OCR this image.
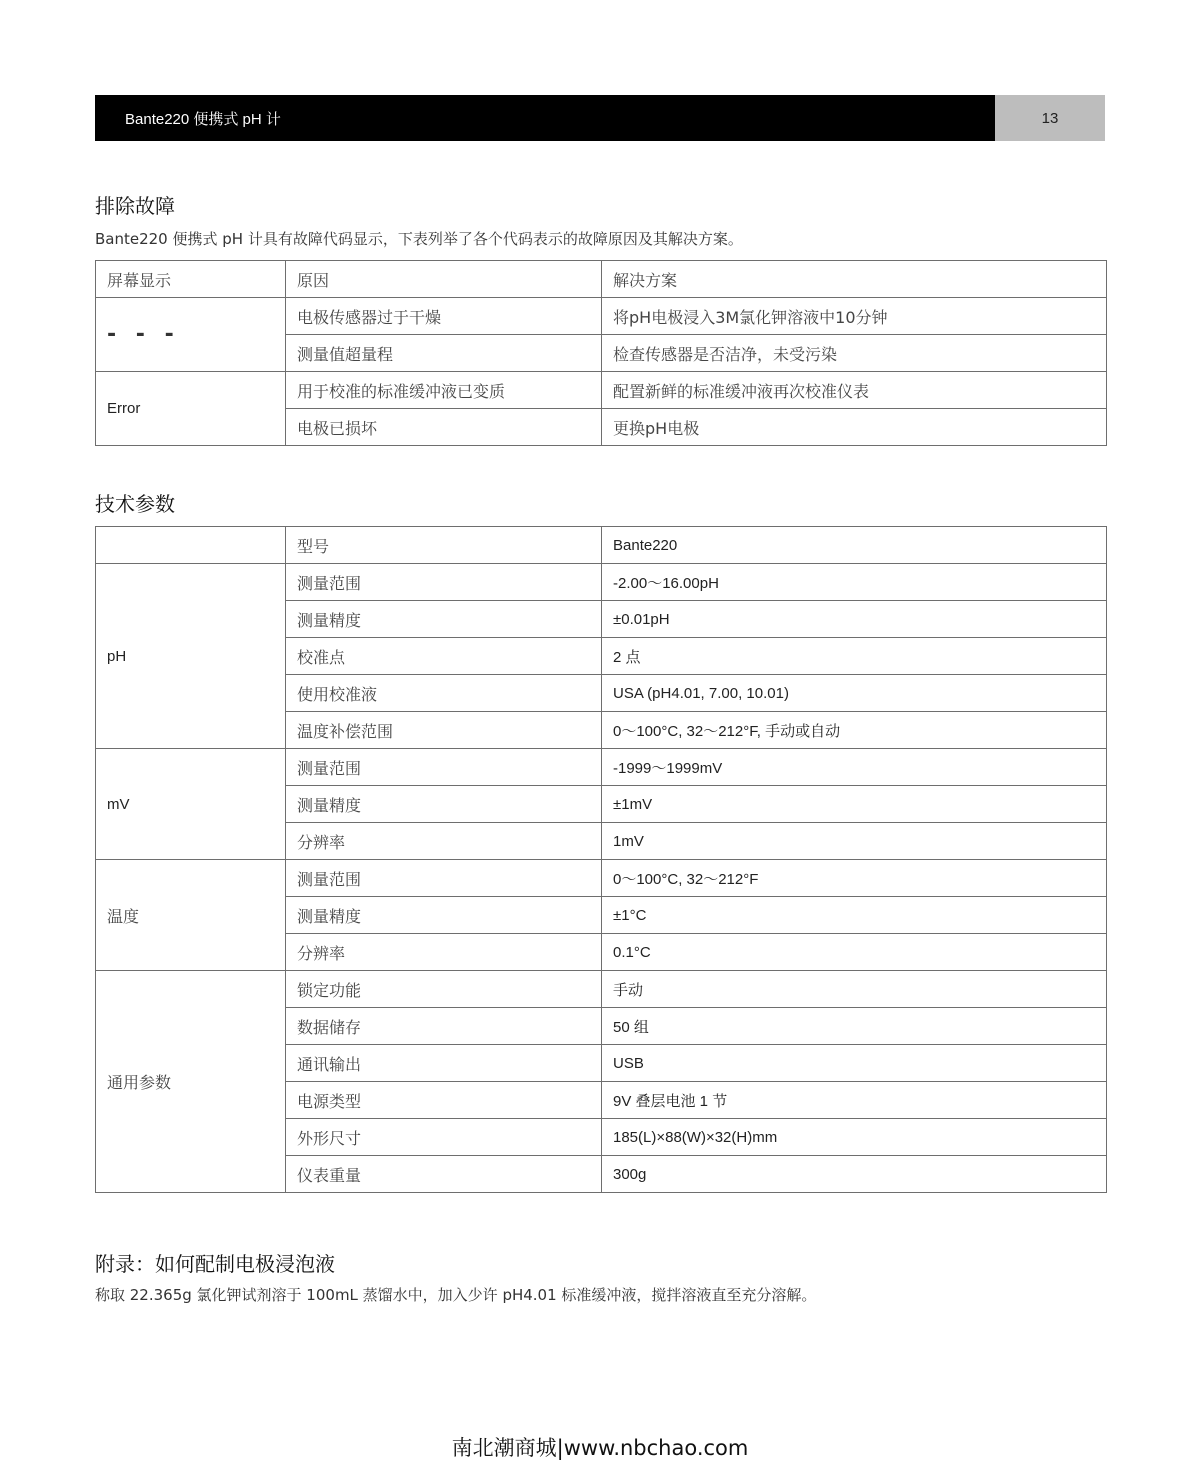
Bante220 便携式 pH 计	13
排除故障
Bante220 便携式 pH 计具有故障代码显示，下表列举了各个代码表示的故障原因及其解决方案。
屏幕显示	原因	解决方案
- - -	电极传感器过于干燥	将pH电极浸入3M氯化钾溶液中10分钟
	测量值超量程	检查传感器是否洁净，未受污染
Error	用于校准的标准缓冲液已变质	配置新鲜的标准缓冲液再次校准仪表
	电极已损坏	更换pH电极
技术参数
	型号	Bante220
pH	测量范围	-2.00～16.00pH
	测量精度	±0.01pH
	校准点	2 点
	使用校准液	USA (pH4.01, 7.00, 10.01)
	温度补偿范围	0～100°C, 32～212°F, 手动或自动
mV	测量范围	-1999～1999mV
	测量精度	±1mV
	分辨率	1mV
温度	测量范围	0～100°C, 32～212°F
	测量精度	±1°C
	分辨率	0.1°C
通用参数	锁定功能	手动
	数据储存	50 组
	通讯输出	USB
	电源类型	9V 叠层电池 1 节
	外形尺寸	185(L)×88(W)×32(H)mm
	仪表重量	300g
附录：如何配制电极浸泡液
称取 22.365g 氯化钾试剂溶于 100mL 蒸馏水中，加入少许 pH4.01 标准缓冲液，搅拌溶液直至充分溶解。
南北潮商城|www.nbchao.com
